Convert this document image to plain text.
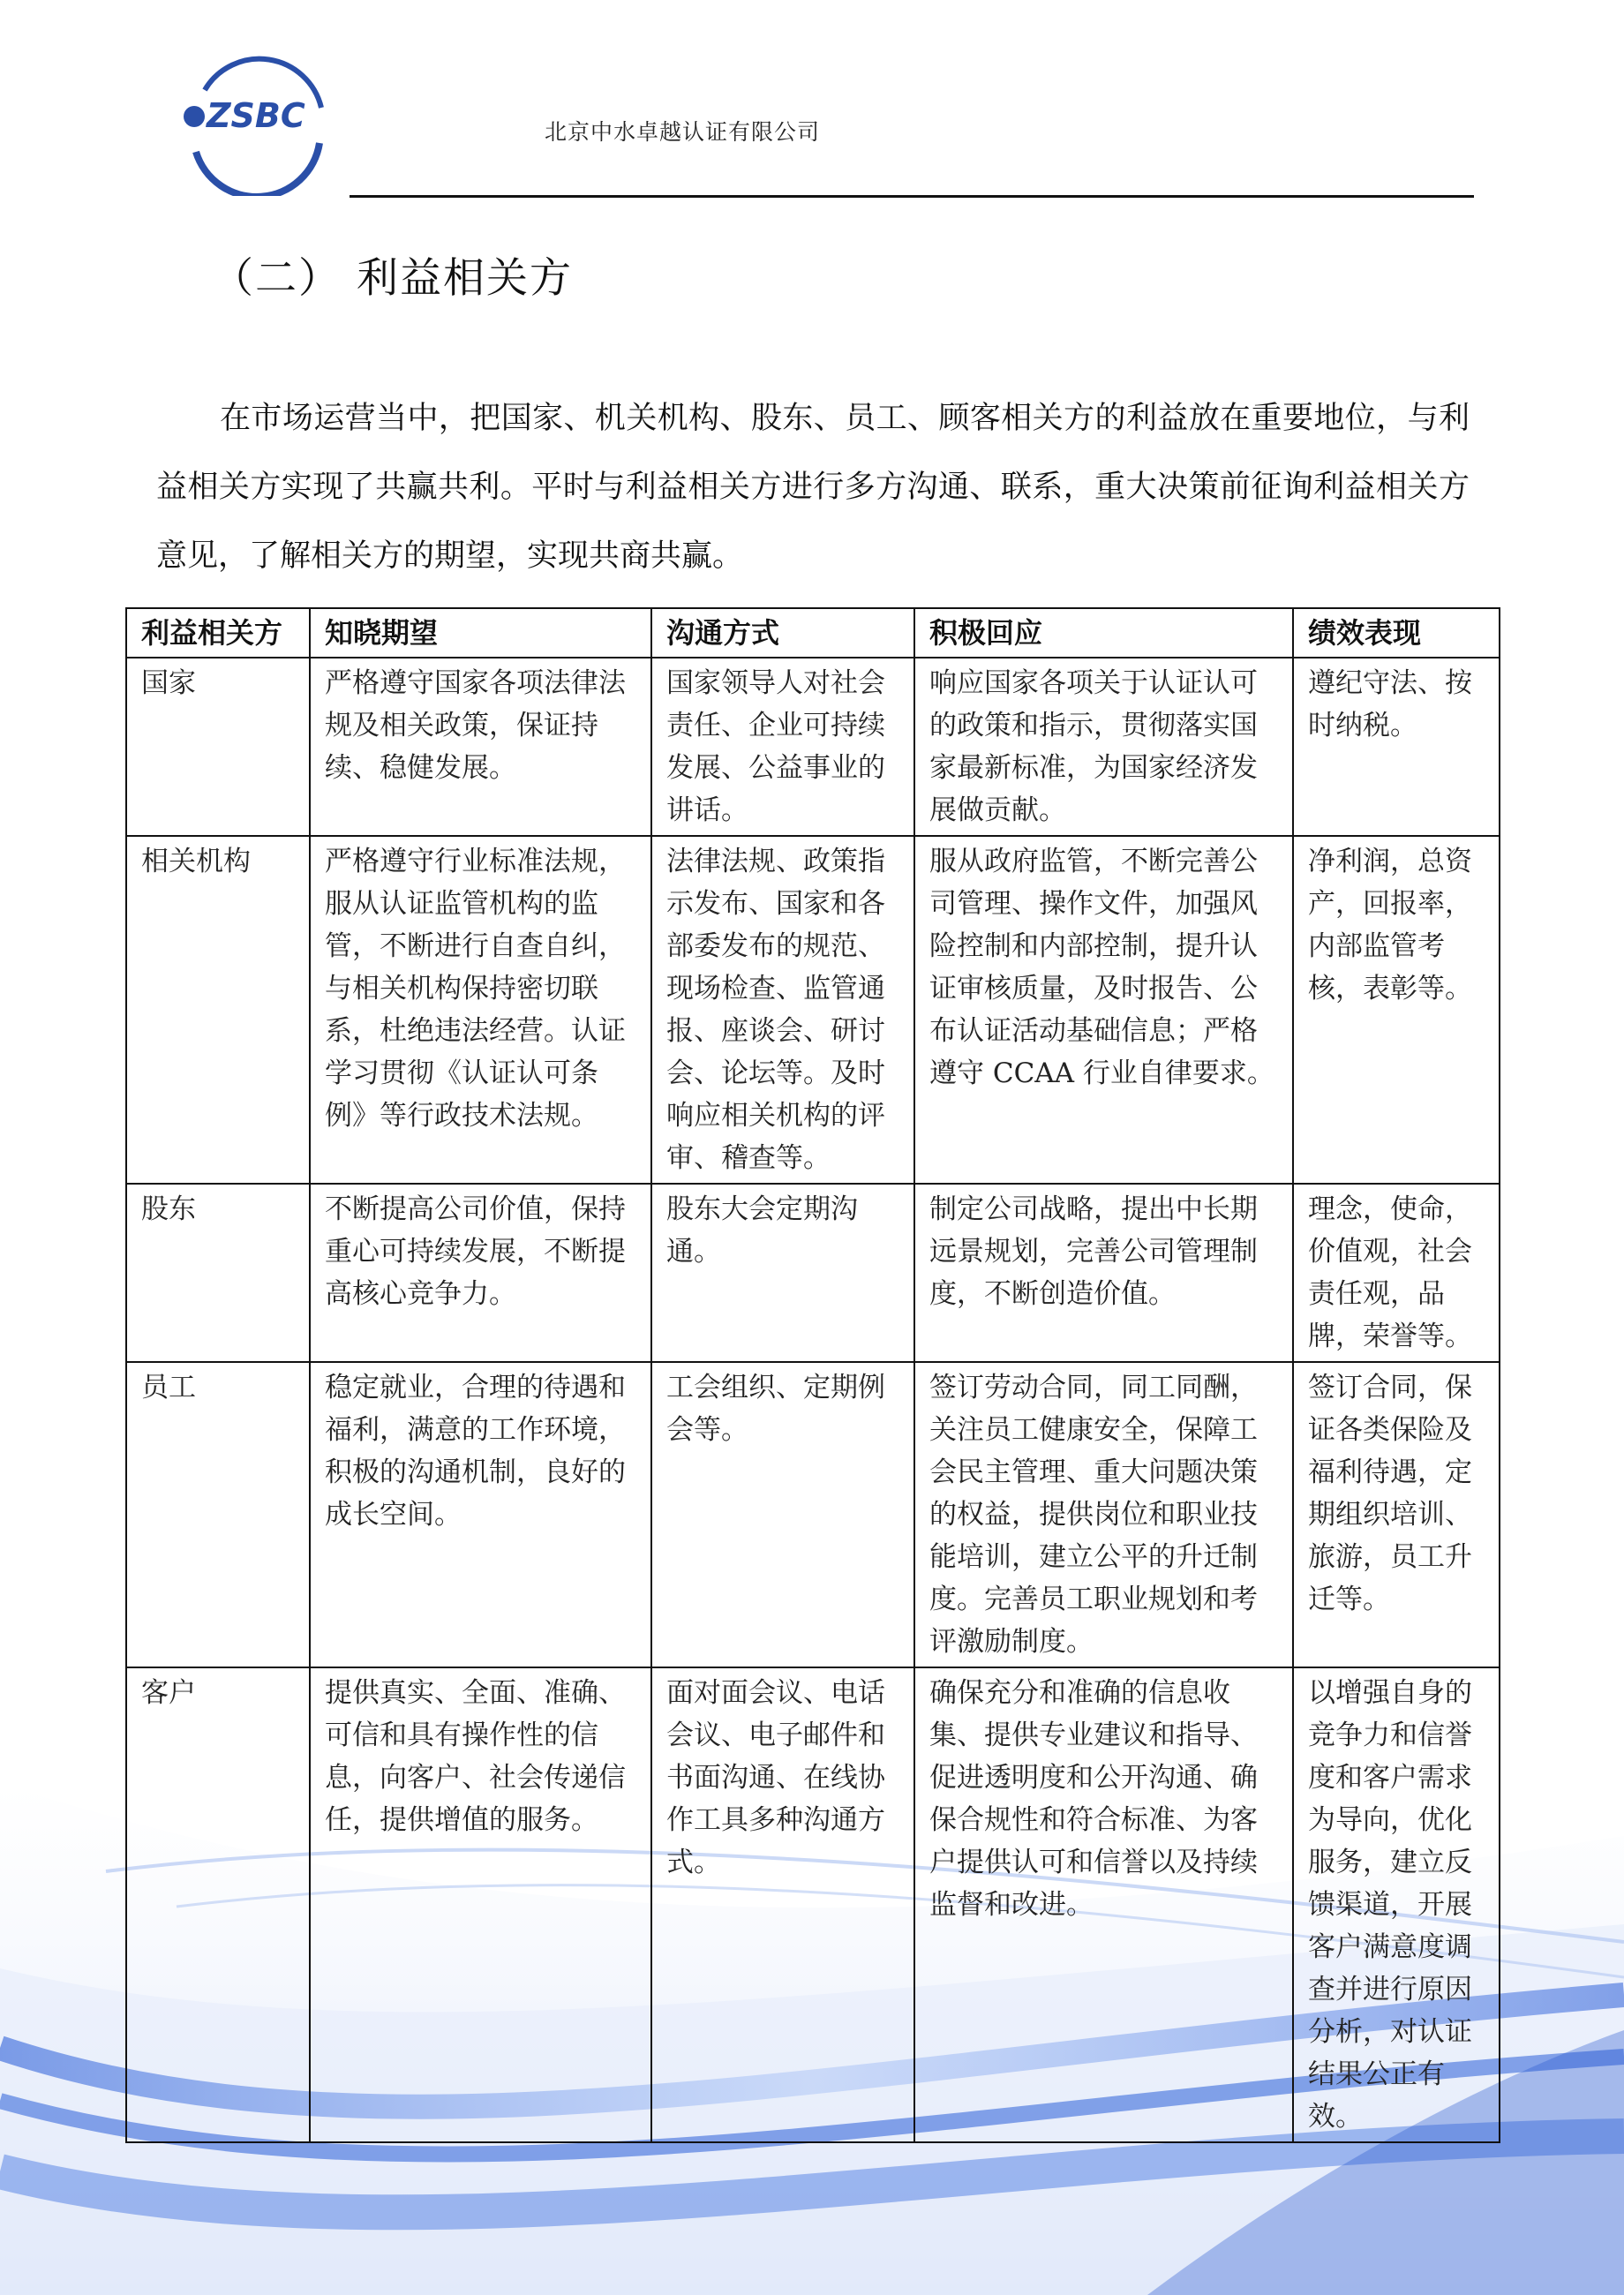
ZSBC	北京中水卓越认证有限公司
（二） 利益相关方

在市场运营当中，把国家、机关机构、股东、员工、顾客相关方的利益放在重要地位，与利益相关方实现了共赢共利。平时与利益相关方进行多方沟通、联系，重大决策前征询利益相关方意见，了解相关方的期望，实现共商共赢。

利益相关方	知晓期望	沟通方式	积极回应	绩效表现
国家	严格遵守国家各项法律法规及相关政策，保证持续、稳健发展。	国家领导人对社会责任、企业可持续发展、公益事业的讲话。	响应国家各项关于认证认可的政策和指示，贯彻落实国家最新标准，为国家经济发展做贡献。	遵纪守法、按时纳税。
相关机构	严格遵守行业标准法规，服从认证监管机构的监管，不断进行自查自纠，与相关机构保持密切联系，杜绝违法经营。认证学习贯彻《认证认可条例》等行政技术法规。	法律法规、政策指示发布、国家和各部委发布的规范、现场检查、监管通报、座谈会、研讨会、论坛等。及时响应相关机构的评审、稽查等。	服从政府监管，不断完善公司管理、操作文件，加强风险控制和内部控制，提升认证审核质量，及时报告、公布认证活动基础信息；严格遵守 CCAA 行业自律要求。	净利润，总资产，回报率，内部监管考核，表彰等。
股东	不断提高公司价值，保持重心可持续发展，不断提高核心竞争力。	股东大会定期沟通。	制定公司战略，提出中长期远景规划，完善公司管理制度，不断创造价值。	理念，使命，价值观，社会责任观，品牌，荣誉等。
员工	稳定就业，合理的待遇和福利，满意的工作环境，积极的沟通机制，良好的成长空间。	工会组织、定期例会等。	签订劳动合同，同工同酬，关注员工健康安全，保障工会民主管理、重大问题决策的权益，提供岗位和职业技能培训，建立公平的升迁制度。完善员工职业规划和考评激励制度。	签订合同，保证各类保险及福利待遇，定期组织培训、旅游，员工升迁等。
客户	提供真实、全面、准确、可信和具有操作性的信息，向客户、社会传递信任，提供增值的服务。	面对面会议、电话会议、电子邮件和书面沟通、在线协作工具多种沟通方式。	确保充分和准确的信息收集、提供专业建议和指导、促进透明度和公开沟通、确保合规性和符合标准、为客户提供认可和信誉以及持续监督和改进。	以增强自身的竞争力和信誉度和客户需求为导向，优化服务，建立反馈渠道，开展客户满意度调查并进行原因分析，对认证结果公正有效。
